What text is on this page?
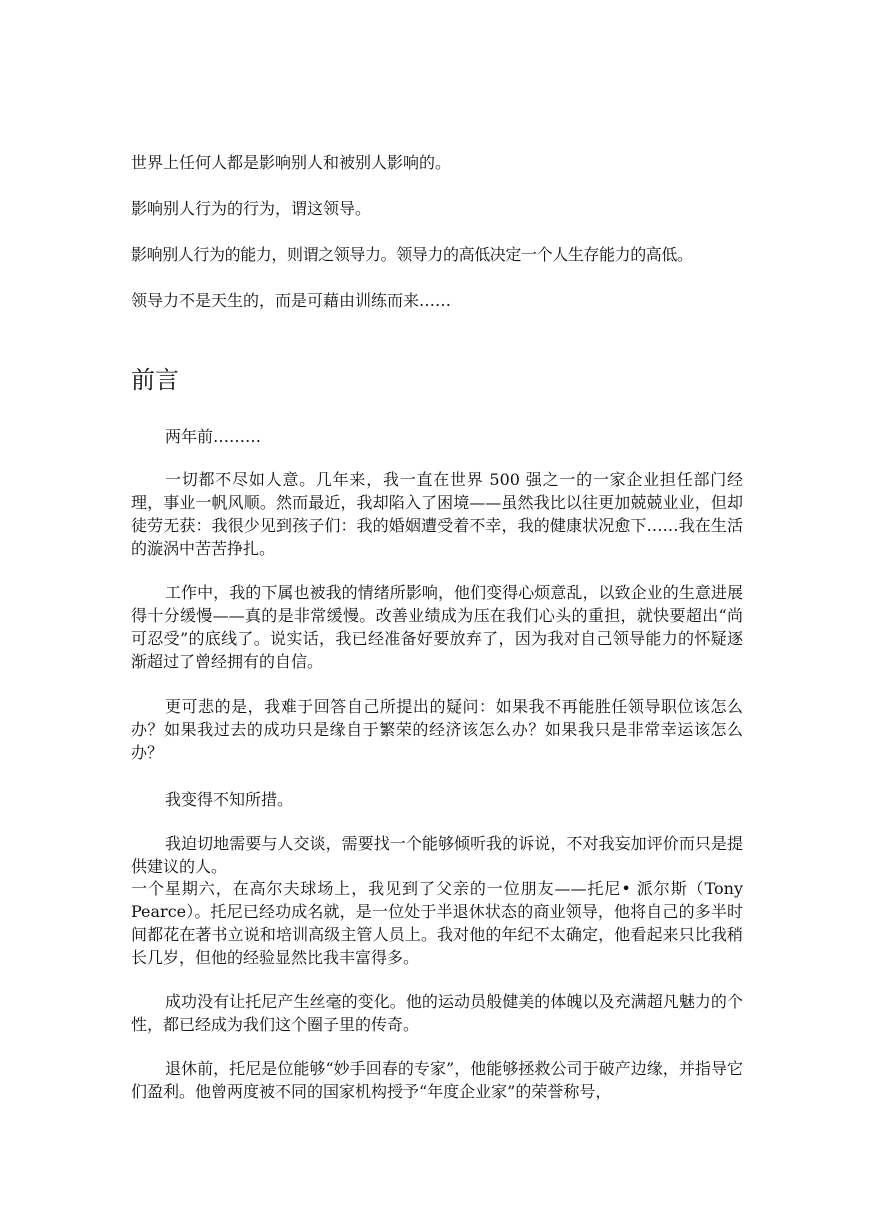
世界上任何人都是影响别人和被别人影响的。

影响别人行为的行为，谓这领导。

影响别人行为的能力，则谓之领导力。领导力的高低决定一个人生存能力的高低。

领导力不是天生的，而是可藉由训练而来……

前言

两年前………

一切都不尽如人意。几年来，我一直在世界 500 强之一的一家企业担任部门经理，事业一帆风顺。然而最近，我却陷入了困境——虽然我比以往更加兢兢业业，但却徒劳无获：我很少见到孩子们：我的婚姻遭受着不幸，我的健康状况愈下……我在生活的漩涡中苦苦挣扎。

工作中，我的下属也被我的情绪所影响，他们变得心烦意乱，以致企业的生意进展得十分缓慢——真的是非常缓慢。改善业绩成为压在我们心头的重担，就快要超出“尚可忍受”的底线了。说实话，我已经准备好要放弃了，因为我对自己领导能力的怀疑逐渐超过了曾经拥有的自信。

更可悲的是，我难于回答自己所提出的疑问：如果我不再能胜任领导职位该怎么办？如果我过去的成功只是缘自于繁荣的经济该怎么办？如果我只是非常幸运该怎么办？

我变得不知所措。

我迫切地需要与人交谈，需要找一个能够倾听我的诉说，不对我妄加评价而只是提供建议的人。

一个星期六，在高尔夫球场上，我见到了父亲的一位朋友——托尼• 派尔斯（Tony Pearce）。托尼已经功成名就，是一位处于半退休状态的商业领导，他将自己的多半时间都花在著书立说和培训高级主管人员上。我对他的年纪不太确定，他看起来只比我稍长几岁，但他的经验显然比我丰富得多。

成功没有让托尼产生丝毫的变化。他的运动员般健美的体魄以及充满超凡魅力的个性，都已经成为我们这个圈子里的传奇。

退休前，托尼是位能够“妙手回春的专家”，他能够拯救公司于破产边缘，并指导它们盈利。他曾两度被不同的国家机构授予“年度企业家”的荣誉称号，
